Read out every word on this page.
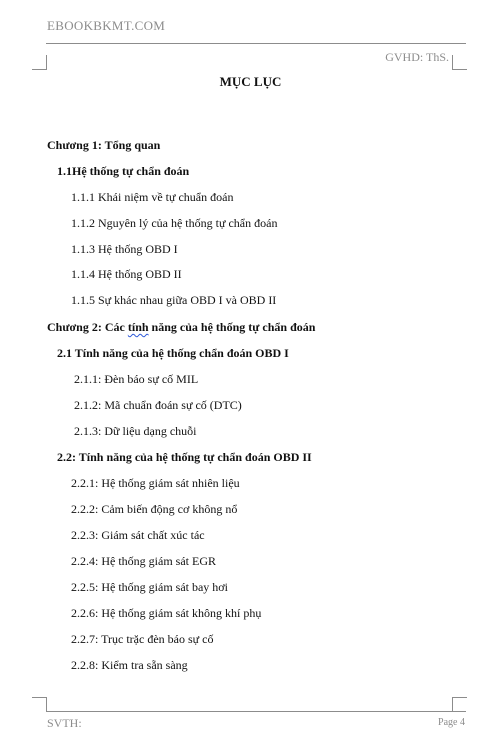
EBOOKBKMT.COM
GVHD: ThS.
MỤC LỤC
Chương 1: Tổng quan
1.1Hệ thống tự chẩn đoán
1.1.1 Khái niệm về tự chuẩn đoán
1.1.2 Nguyên lý của hệ thống tự chẩn đoán
1.1.3 Hệ thống OBD I
1.1.4 Hệ thống OBD II
1.1.5 Sự khác nhau giữa OBD I và OBD II
Chương 2: Các tính năng của hệ thống tự chẩn đoán
2.1 Tính năng của hệ thống chẩn đoán OBD I
2.1.1: Đèn báo sự cố MIL
2.1.2: Mã chuẩn đoán sự cố (DTC)
2.1.3: Dữ liệu dạng chuỗi
2.2: Tính năng của hệ thống tự chẩn đoán OBD II
2.2.1: Hệ thống giám sát nhiên liệu
2.2.2: Cảm biến động cơ không nổ
2.2.3: Giám sát chất xúc tác
2.2.4: Hệ thống giám sát EGR
2.2.5: Hệ thống giám sát bay hơi
2.2.6: Hệ thống giám sát không khí phụ
2.2.7: Trục trặc đèn báo sự cố
2.2.8: Kiểm tra sẵn sàng
SVTH:	Page 4
